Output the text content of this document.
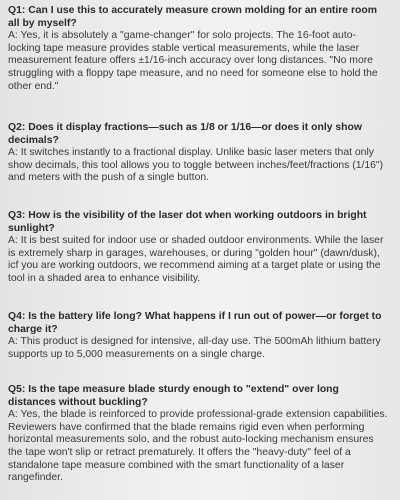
Q1: Can I use this to accurately measure crown molding for an entire room all by myself?

A: Yes, it is absolutely a "game-changer" for solo projects. The 16-foot auto-locking tape measure provides stable vertical measurements, while the laser measurement feature offers ±1/16-inch accuracy over long distances. "No more struggling with a floppy tape measure, and no need for someone else to hold the other end."

Q2: Does it display fractions—such as 1/8 or 1/16—or does it only show decimals?

A: It switches instantly to a fractional display. Unlike basic laser meters that only show decimals, this tool allows you to toggle between inches/feet/fractions (1/16") and meters with the push of a single button.

Q3: How is the visibility of the laser dot when working outdoors in bright sunlight?

A: It is best suited for indoor use or shaded outdoor environments. While the laser is extremely sharp in garages, warehouses, or during "golden hour" (dawn/dusk), icf you are working outdoors, we recommend aiming at a target plate or using the tool in a shaded area to enhance visibility.

Q4: Is the battery life long? What happens if I run out of power—or forget to charge it?

A: This product is designed for intensive, all-day use. The 500mAh lithium battery supports up to 5,000 measurements on a single charge.

Q5: Is the tape measure blade sturdy enough to "extend" over long distances without buckling?

A: Yes, the blade is reinforced to provide professional-grade extension capabilities. Reviewers have confirmed that the blade remains rigid even when performing horizontal measurements solo, and the robust auto-locking mechanism ensures the tape won't slip or retract prematurely. It offers the "heavy-duty" feel of a standalone tape measure combined with the smart functionality of a laser rangefinder.
